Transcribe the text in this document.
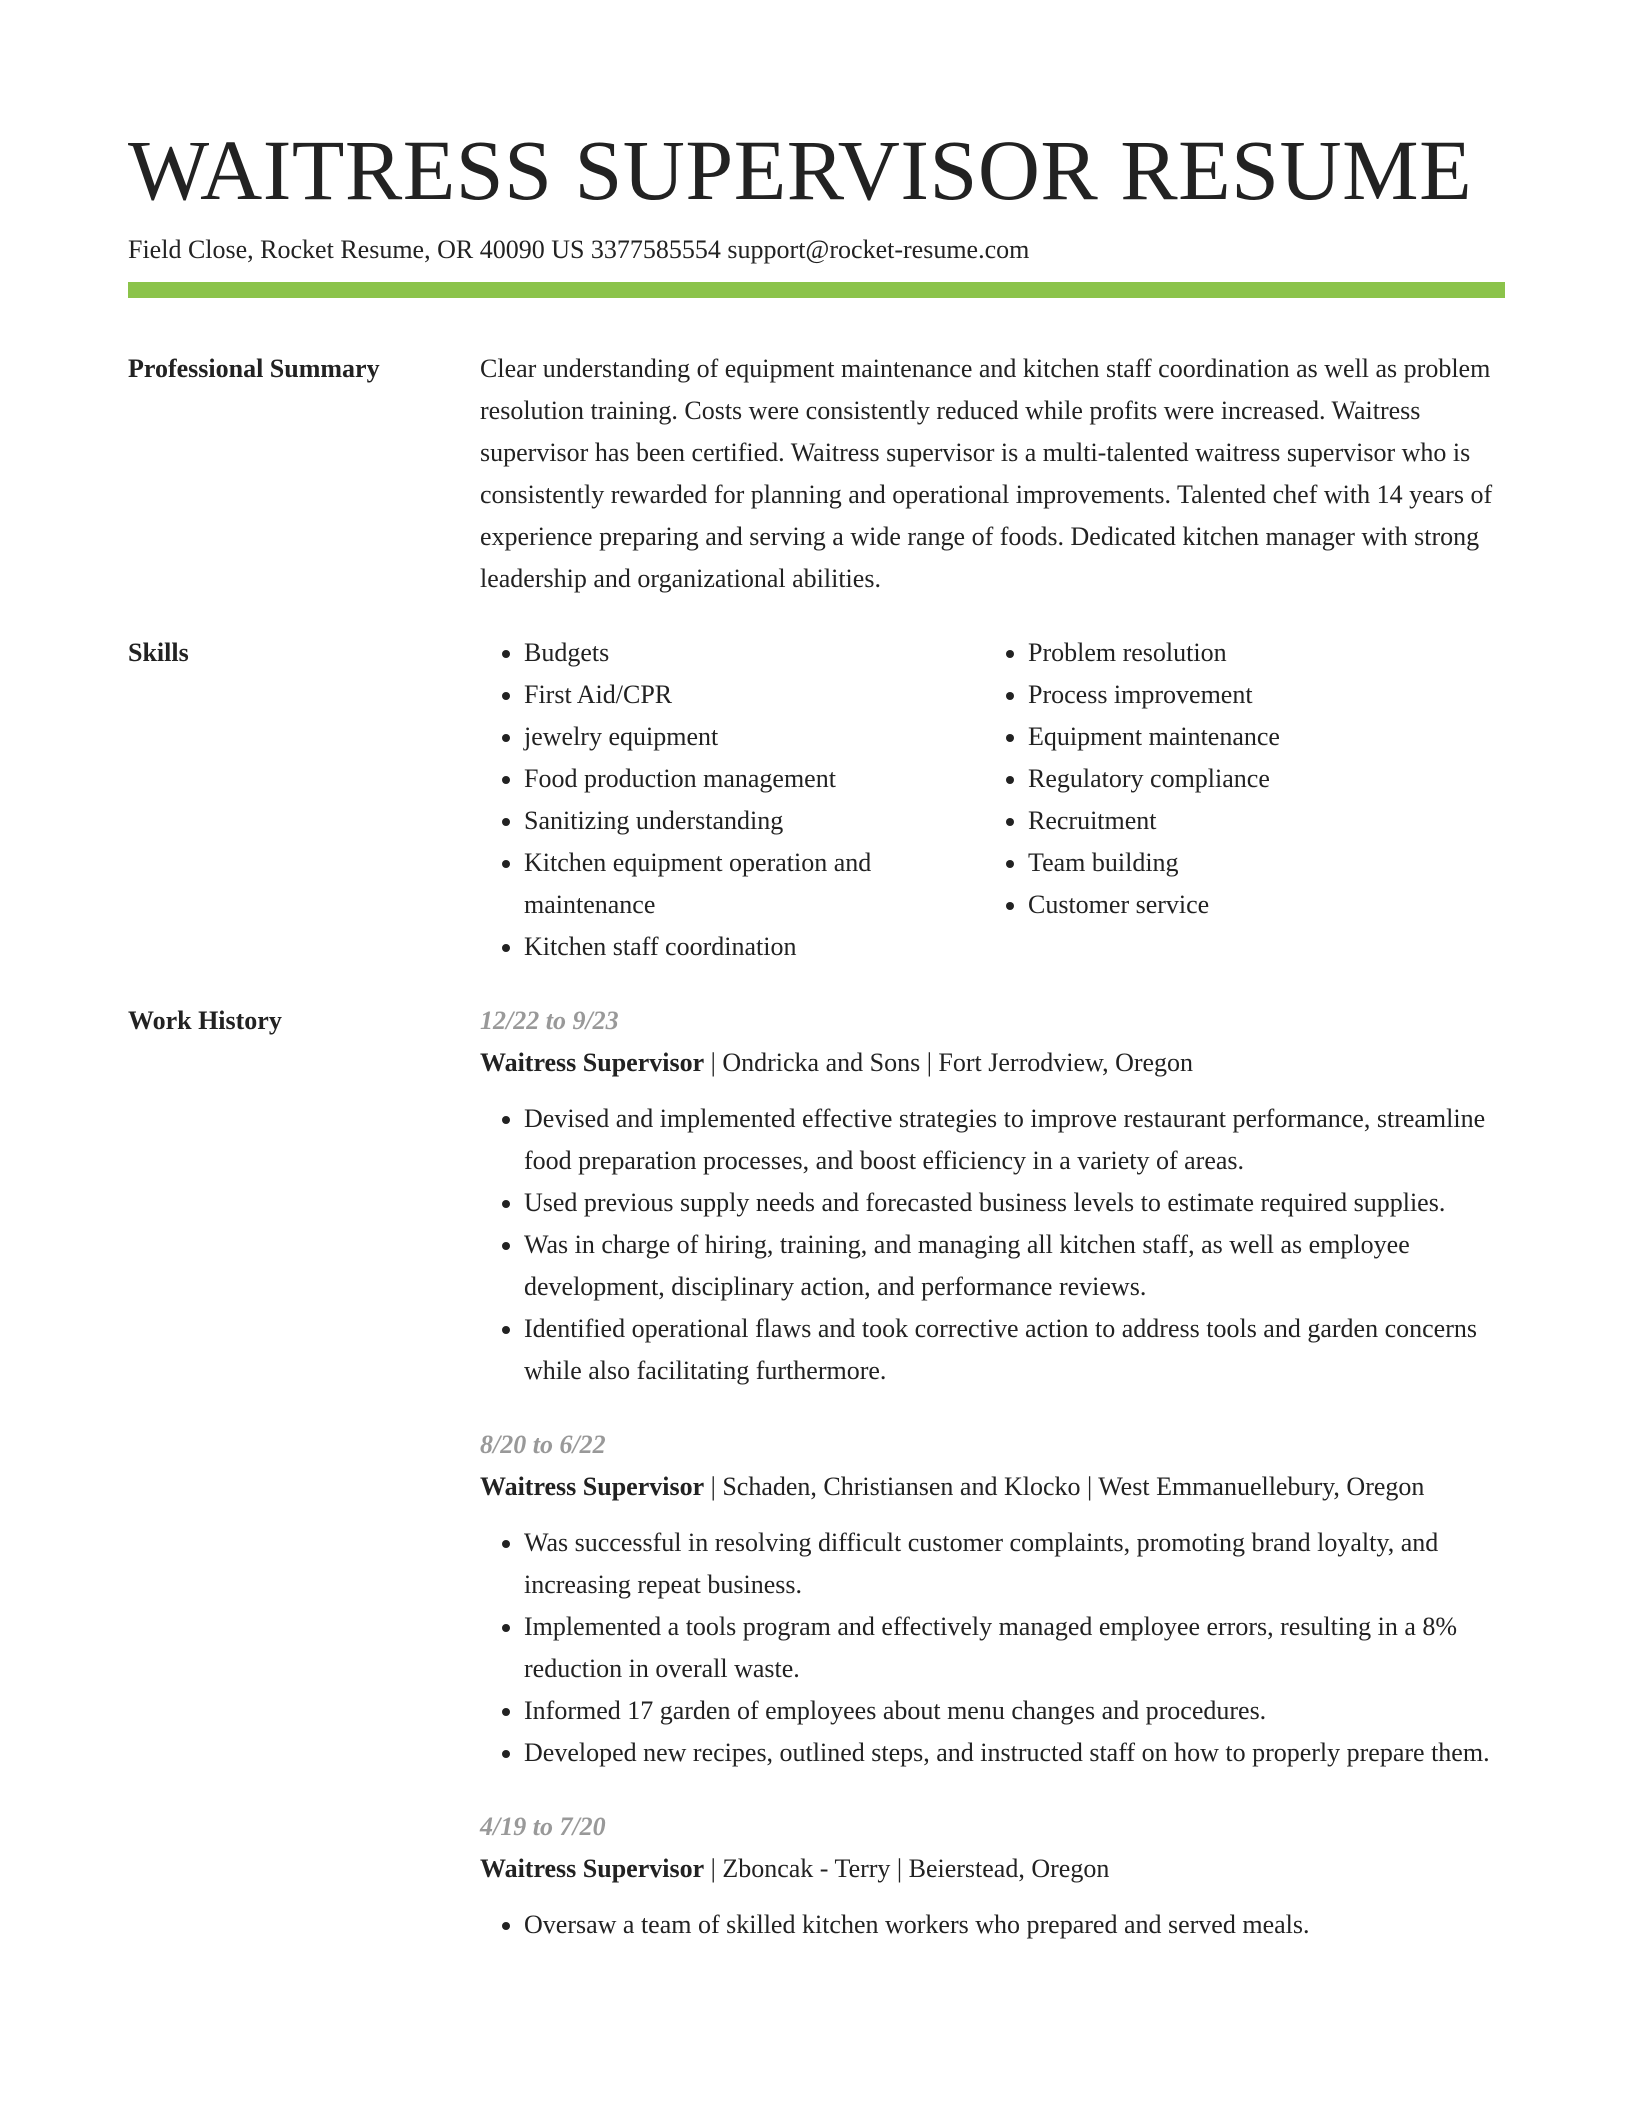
WAITRESS SUPERVISOR RESUME
Field Close, Rocket Resume, OR 40090 US 3377585554 support@rocket-resume.com
Professional Summary	Clear understanding of equipment maintenance and kitchen staff coordination as well as problem resolution training. Costs were consistently reduced while profits were increased. Waitress supervisor has been certified. Waitress supervisor is a multi-talented waitress supervisor who is consistently rewarded for planning and operational improvements. Talented chef with 14 years of experience preparing and serving a wide range of foods. Dedicated kitchen manager with strong leadership and organizational abilities.

Skills
•	Budgets
• First Aid/CPR
• jewelry equipment
• Food production management
• Sanitizing understanding
• Kitchen equipment operation and maintenance
• Kitchen staff coordination
• Problem resolution
• Process improvement
• Equipment maintenance
• Regulatory compliance
• Recruitment
• Team building
• Customer service
Work History	12/22 to 9/23
Waitress Supervisor | Ondricka and Sons | Fort Jerrodview, Oregon
• Devised and implemented effective strategies to improve restaurant performance, streamline food preparation processes, and boost efficiency in a variety of areas.
• Used previous supply needs and forecasted business levels to estimate required supplies.
• Was in charge of hiring, training, and managing all kitchen staff, as well as employee development, disciplinary action, and performance reviews.
• Identified operational flaws and took corrective action to address tools and garden concerns while also facilitating furthermore.
8/20 to 6/22
Waitress Supervisor | Schaden, Christiansen and Klocko | West Emmanuellebury, Oregon
• Was successful in resolving difficult customer complaints, promoting brand loyalty, and increasing repeat business.
• Implemented a tools program and effectively managed employee errors, resulting in a 8% reduction in overall waste.
• Informed 17 garden of employees about menu changes and procedures.
• Developed new recipes, outlined steps, and instructed staff on how to properly prepare them.
4/19 to 7/20
Waitress Supervisor | Zboncak - Terry | Beierstead, Oregon
• Oversaw a team of skilled kitchen workers who prepared and served meals.
